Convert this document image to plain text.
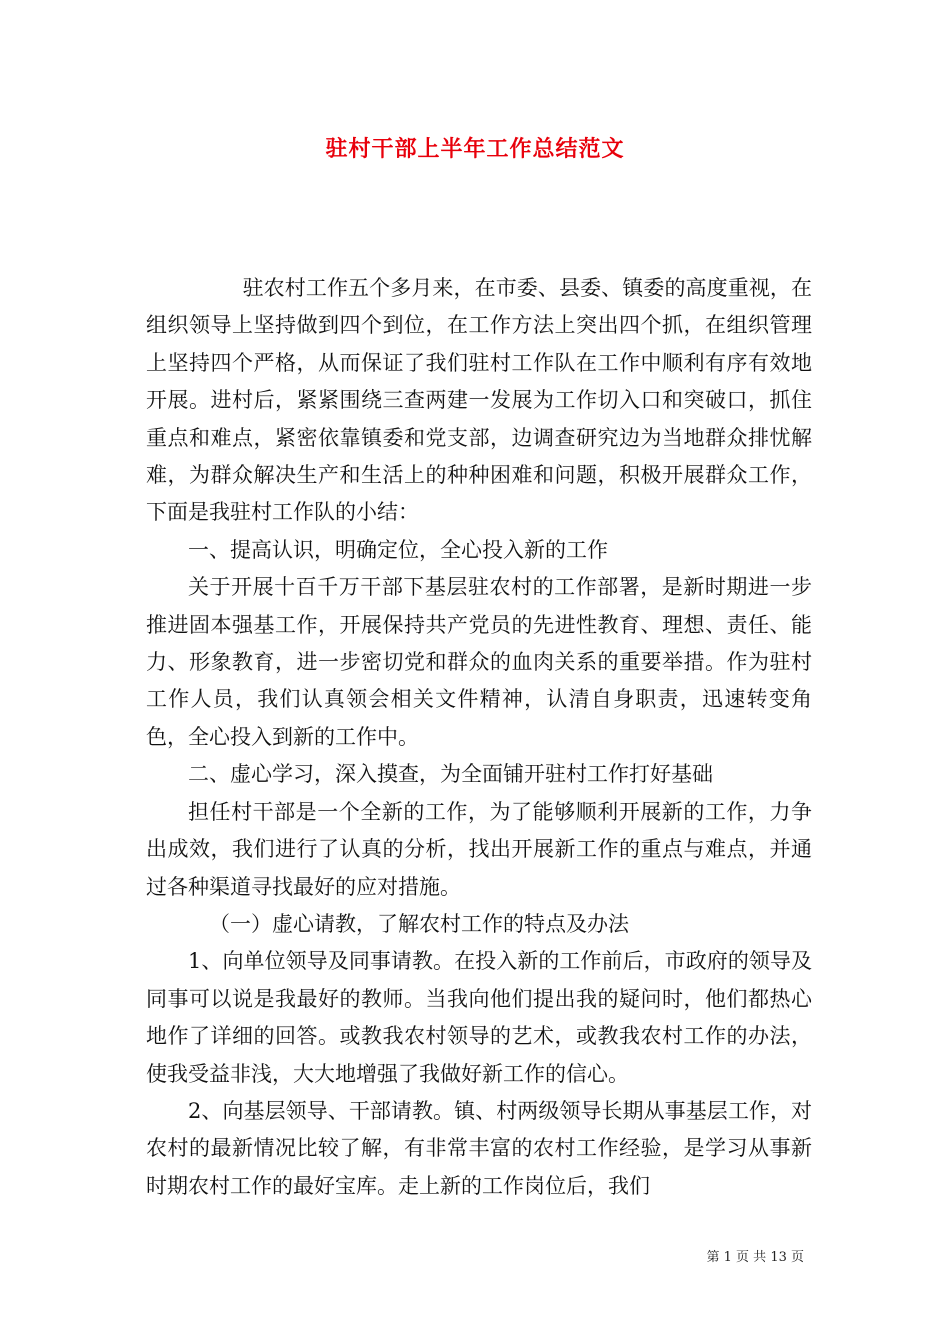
驻村干部上半年工作总结范文

驻农村工作五个多月来，在市委、县委、镇委的高度重视，在组织领导上坚持做到四个到位，在工作方法上突出四个抓，在组织管理上坚持四个严格，从而保证了我们驻村工作队在工作中顺利有序有效地开展。进村后，紧紧围绕三查两建一发展为工作切入口和突破口，抓住重点和难点，紧密依靠镇委和党支部，边调查研究边为当地群众排忧解难，为群众解决生产和生活上的种种困难和问题，积极开展群众工作，下面是我驻村工作队的小结：

一、提高认识，明确定位，全心投入新的工作

关于开展十百千万干部下基层驻农村的工作部署，是新时期进一步推进固本强基工作，开展保持共产党员的先进性教育、理想、责任、能力、形象教育，进一步密切党和群众的血肉关系的重要举措。作为驻村工作人员，我们认真领会相关文件精神，认清自身职责，迅速转变角色，全心投入到新的工作中。

二、虚心学习，深入摸查，为全面铺开驻村工作打好基础

担任村干部是一个全新的工作，为了能够顺利开展新的工作，力争出成效，我们进行了认真的分析，找出开展新工作的重点与难点，并通过各种渠道寻找最好的应对措施。

（一）虚心请教，了解农村工作的特点及办法

1、向单位领导及同事请教。在投入新的工作前后，市政府的领导及同事可以说是我最好的教师。当我向他们提出我的疑问时，他们都热心地作了详细的回答。或教我农村领导的艺术，或教我农村工作的办法，使我受益非浅，大大地增强了我做好新工作的信心。

2、向基层领导、干部请教。镇、村两级领导长期从事基层工作，对农村的最新情况比较了解，有非常丰富的农村工作经验，是学习从事新时期农村工作的最好宝库。走上新的工作岗位后，我们

第 1 页 共 13 页
